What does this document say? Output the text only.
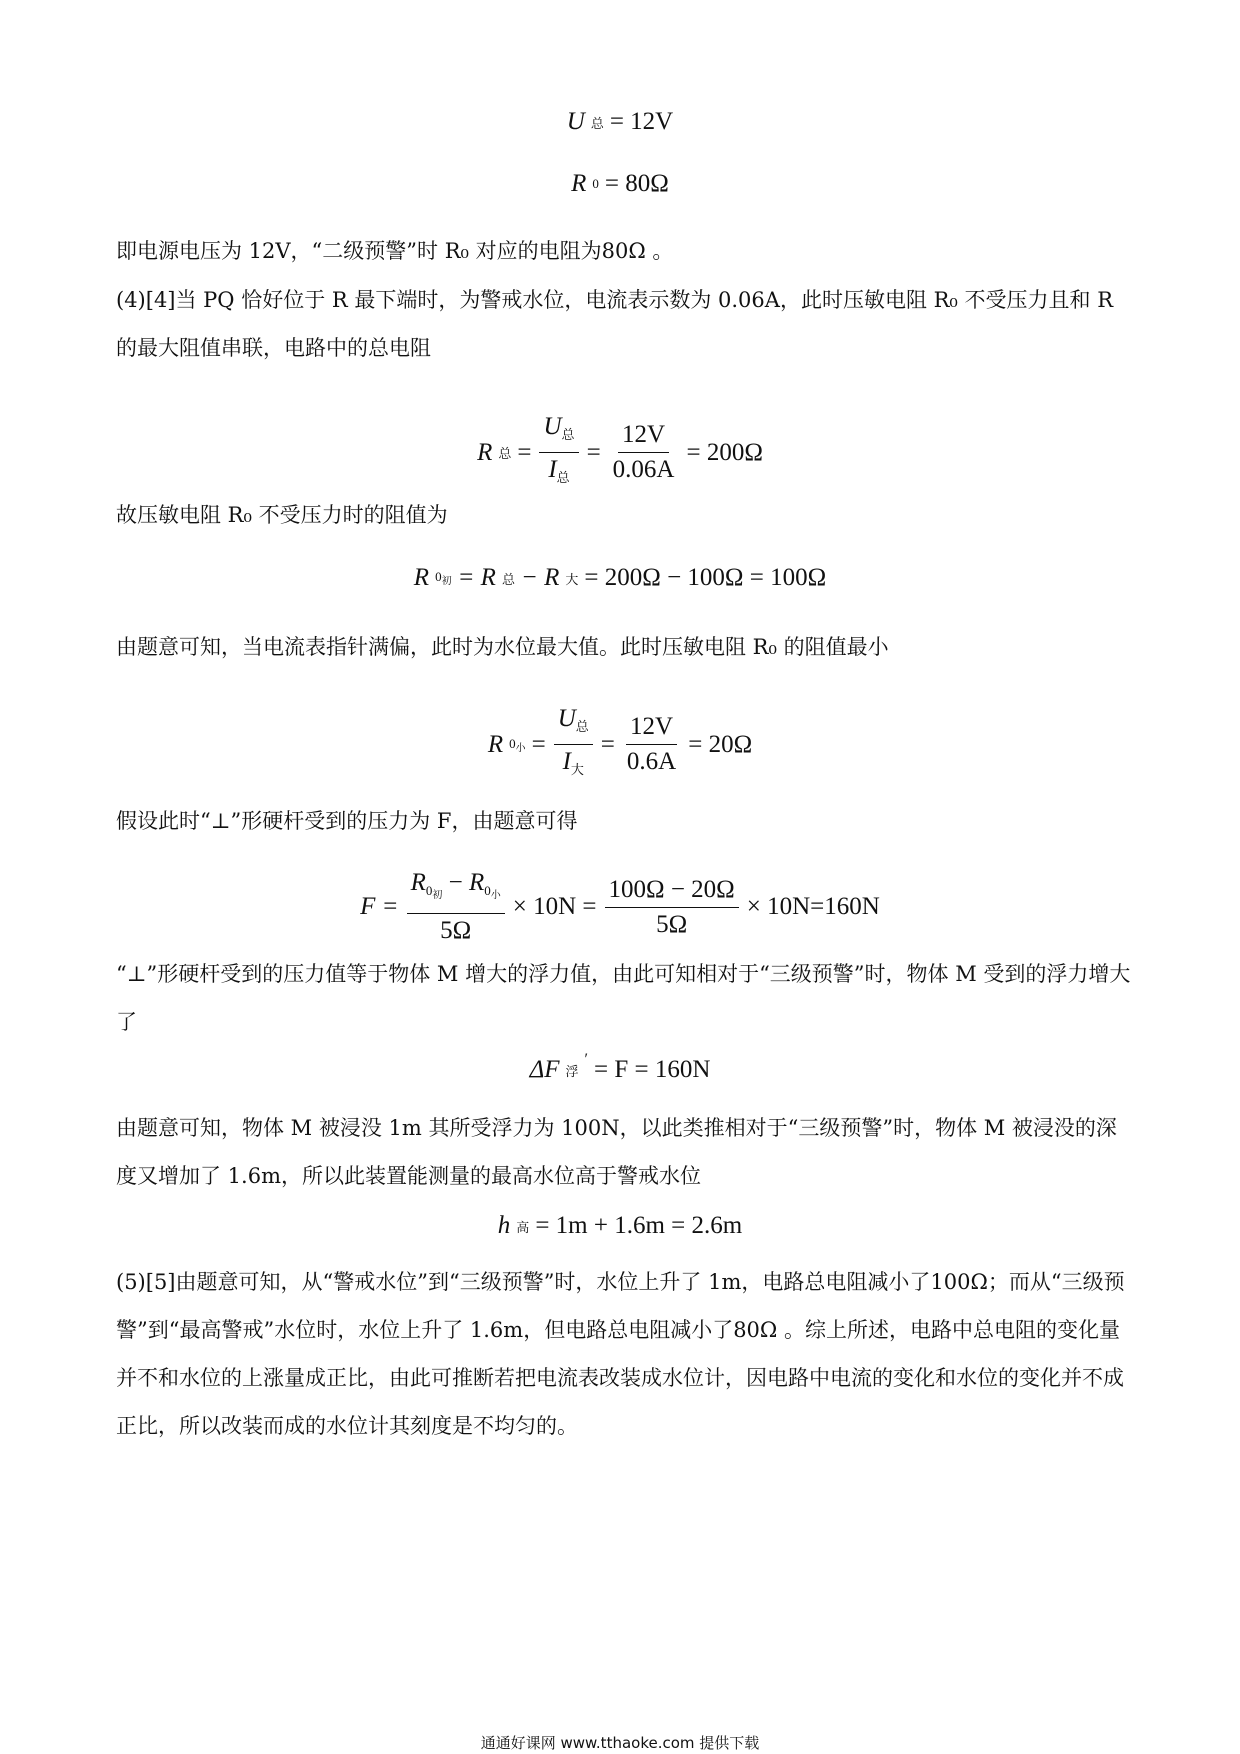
U 总 = 12V
R 0 = 80Ω

即电源电压为 12V，“二级预警”时 R₀ 对应的电阻为80Ω 。

(4)[4]当 PQ 恰好位于 R 最下端时，为警戒水位，电流表示数为 0.06A，此时压敏电阻 R₀ 不受压力且和 R 的最大阻值串联，电路中的总电阻

R 总 = $\frac{U_总}{I_总} = \frac{12V}{0.06A} = 200\Omega$

故压敏电阻 R₀ 不受压力时的阻值为

R $0_初 = R$ 总 − R 大 = 200Ω − 100Ω = 100Ω

由题意可知，当电流表指针满偏，此时为水位最大值。此时压敏电阻 R₀ 的阻值最小

R $0_小 = \frac{U_总}{I_大} = \frac{12V}{0.6A} = 20\Omega$

假设此时“⊥”形硬杆受到的压力为 F，由题意可得

$F = \frac{R_{0_初} - R_{0_小}}{5\Omega} \times 10N = \frac{100\Omega - 20\Omega}{5\Omega} \times 10N=160N$

“⊥”形硬杆受到的压力值等于物体 M 增大的浮力值，由此可知相对于“三级预警”时，物体 M 受到的浮力增大了

ΔF 浮
′ = F = 160N

由题意可知，物体 M 被浸没 1m 其所受浮力为 100N，以此类推相对于“三级预警”时，物体 M 被浸没的深度又增加了 1.6m，所以此装置能测量的最高水位高于警戒水位

h 高 = 1m + 1.6m = 2.6m

(5)[5]由题意可知，从“警戒水位”到“三级预警”时，水位上升了 1m，电路总电阻减小了100Ω；而从“三级预警”到“最高警戒”水位时，水位上升了 1.6m，但电路总电阻减小了80Ω 。综上所述，电路中总电阻的变化量并不和水位的上涨量成正比，由此可推断若把电流表改装成水位计，因电路中电流的变化和水位的变化并不成正比，所以改装而成的水位计其刻度是不均匀的。

通通好课网 www.tthaoke.com 提供下载
